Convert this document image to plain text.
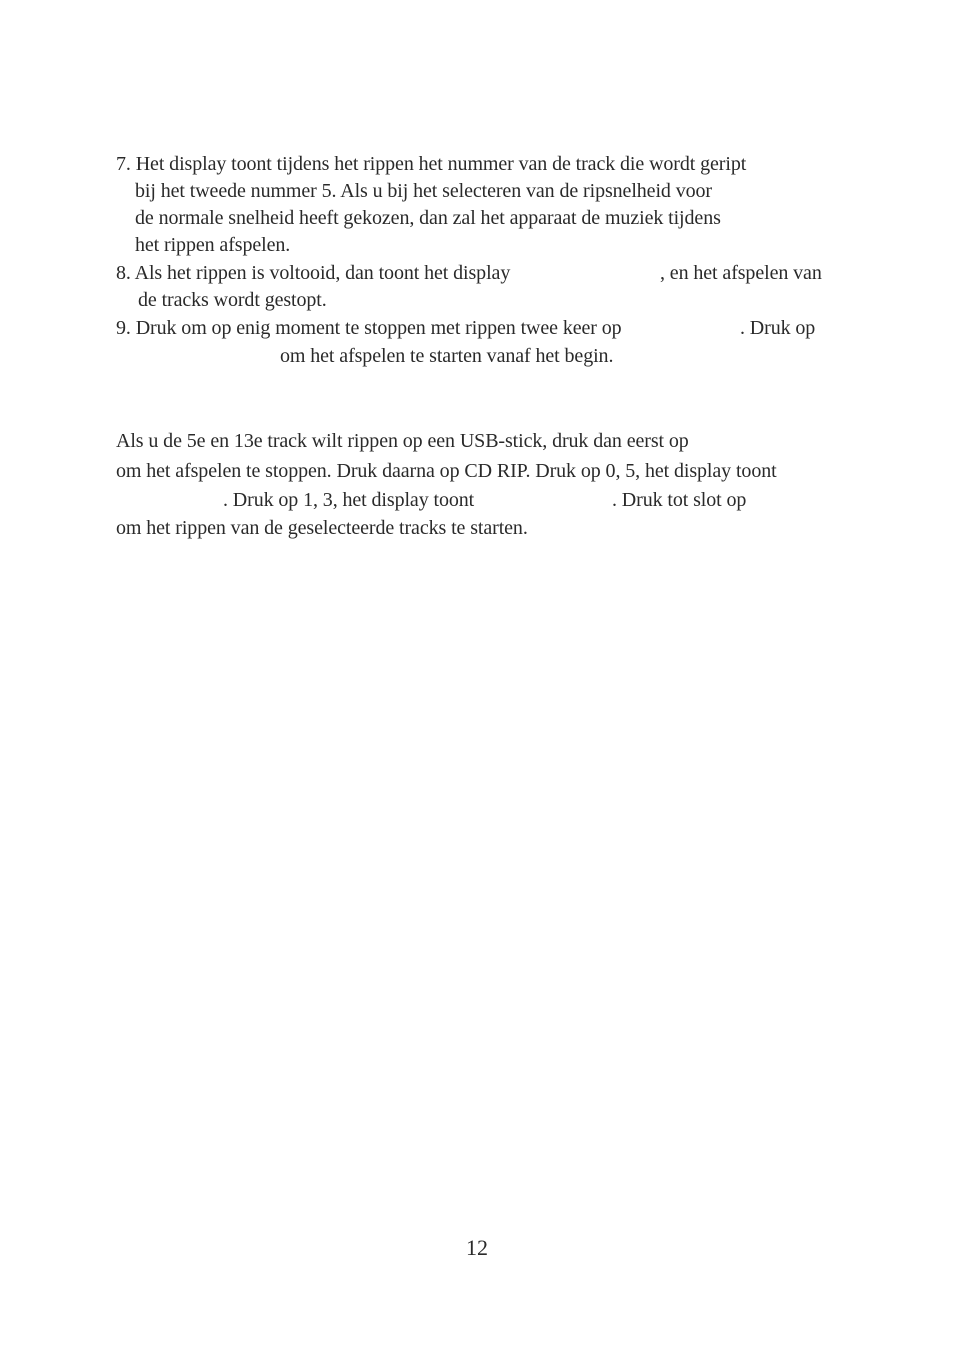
7. Het display toont tijdens het rippen het nummer van de track die wordt geript
bij het tweede nummer 5. Als u bij het selecteren van de ripsnelheid voor
de normale snelheid heeft gekozen, dan zal het apparaat de muziek tijdens
het rippen afspelen.
8. Als het rippen is voltooid, dan toont het display	, en het afspelen van
de tracks wordt gestopt.
9. Druk om op enig moment te stoppen met rippen twee keer op	. Druk op
om het afspelen te starten vanaf het begin.
Als u de 5e en 13e track wilt rippen op een USB-stick, druk dan eerst op
om het afspelen te stoppen. Druk daarna op CD RIP. Druk op 0, 5, het display toont
. Druk op 1, 3, het display toont	. Druk tot slot op
om het rippen van de geselecteerde tracks te starten.
12
